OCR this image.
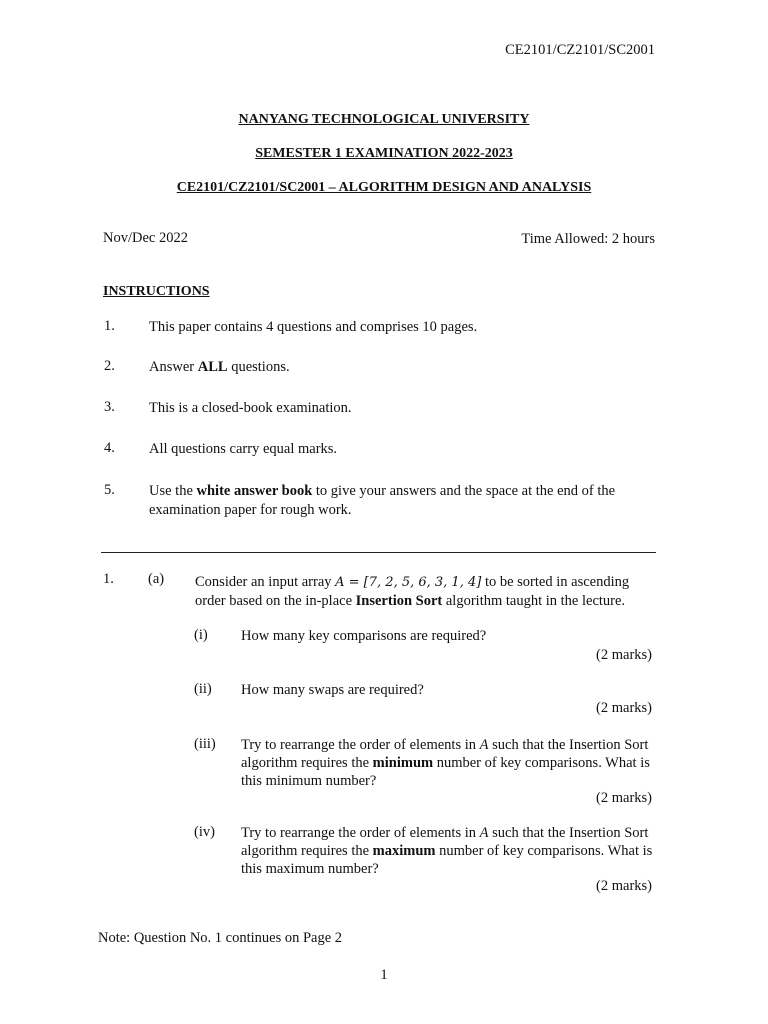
CE2101/CZ2101/SC2001
NANYANG TECHNOLOGICAL UNIVERSITY
SEMESTER 1 EXAMINATION 2022-2023
CE2101/CZ2101/SC2001 – ALGORITHM DESIGN AND ANALYSIS
Nov/Dec 2022	Time Allowed: 2 hours
INSTRUCTIONS
1. This paper contains 4 questions and comprises 10 pages.
2. Answer ALL questions.
3. This is a closed-book examination.
4. All questions carry equal marks.
5. Use the white answer book to give your answers and the space at the end of the examination paper for rough work.
1. (a) Consider an input array A = [7, 2, 5, 6, 3, 1, 4] to be sorted in ascending order based on the in-place Insertion Sort algorithm taught in the lecture.
(i) How many key comparisons are required?
(2 marks)
(ii) How many swaps are required?
(2 marks)
(iii) Try to rearrange the order of elements in A such that the Insertion Sort algorithm requires the minimum number of key comparisons. What is this minimum number?
(2 marks)
(iv) Try to rearrange the order of elements in A such that the Insertion Sort algorithm requires the maximum number of key comparisons. What is this maximum number?
(2 marks)
Note: Question No. 1 continues on Page 2
1
